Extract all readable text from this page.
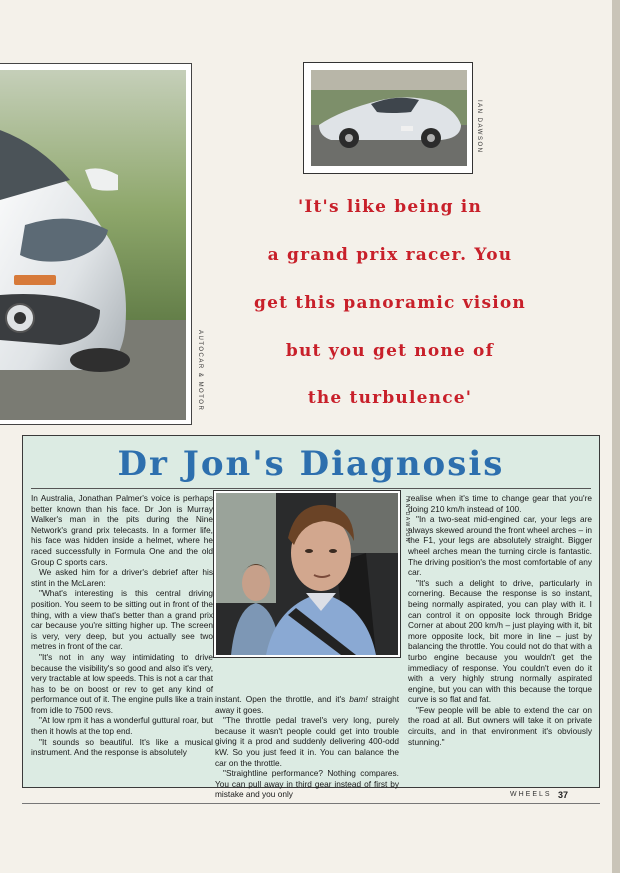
AUTOCAR & MOTOR
IAN DAWSON
'It's like being in
a grand prix racer. You
get this panoramic vision
but you get none of
the turbulence'
Dr Jon's Diagnosis

In Australia, Jonathan Palmer's voice is perhaps better known than his face. Dr Jon is Murray Walker's man in the pits during the Nine Network's grand prix telecasts. In a former life, his face was hidden inside a helmet, where he raced successfully in Formula One and the old Group C sports cars.

We asked him for a driver's debrief after his stint in the McLaren:

"What's interesting is this central driving position. You seem to be sitting out in front of the thing, with a view that's better than a grand prix car because you're sitting higher up. The screen is very, very deep, but you actually see two metres in front of the car.

"It's not in any way intimidating to drive because the visibility's so good and also it's very, very tractable at low speeds. This is not a car that has to be on boost or rev to get any kind of performance out of it. The engine pulls like a train from idle to 7500 revs.

"At low rpm it has a wonderful guttural roar, but then it howls at the top end.

"It sounds so beautiful. It's like a musical instrument. And the response is absolutely

IAN DAWSON

instant. Open the throttle, and it's bam! straight away it goes.

"The throttle pedal travel's very long, purely because it wasn't people could get into trouble giving it a prod and suddenly delivering 400-odd kW. So you just feed it in. You can balance the car on the throttle.

"Straightline performance? Nothing compares. You can pull away in third gear instead of first by mistake and you only

realise when it's time to change gear that you're doing 210 km/h instead of 100.

"In a two-seat mid-engined car, your legs are always skewed around the front wheel arches – in the F1, your legs are absolutely straight. Bigger wheel arches mean the turning circle is fantastic. The driving position's the most comfortable of any car.

"It's such a delight to drive, particularly in cornering. Because the response is so instant, being normally aspirated, you can play with it. I can control it on opposite lock through Bridge Corner at about 200 km/h – just playing with it, bit more opposite lock, bit more in line – just by balancing the throttle. You could not do that with a turbo engine because you wouldn't get the immediacy of response. You couldn't even do it with a very highly strung normally aspirated engine, but you can with this because the torque curve is so flat and fat.

"Few people will be able to extend the car on the road at all. But owners will take it on private circuits, and in that environment it's obviously stunning."

WHEELS 37
